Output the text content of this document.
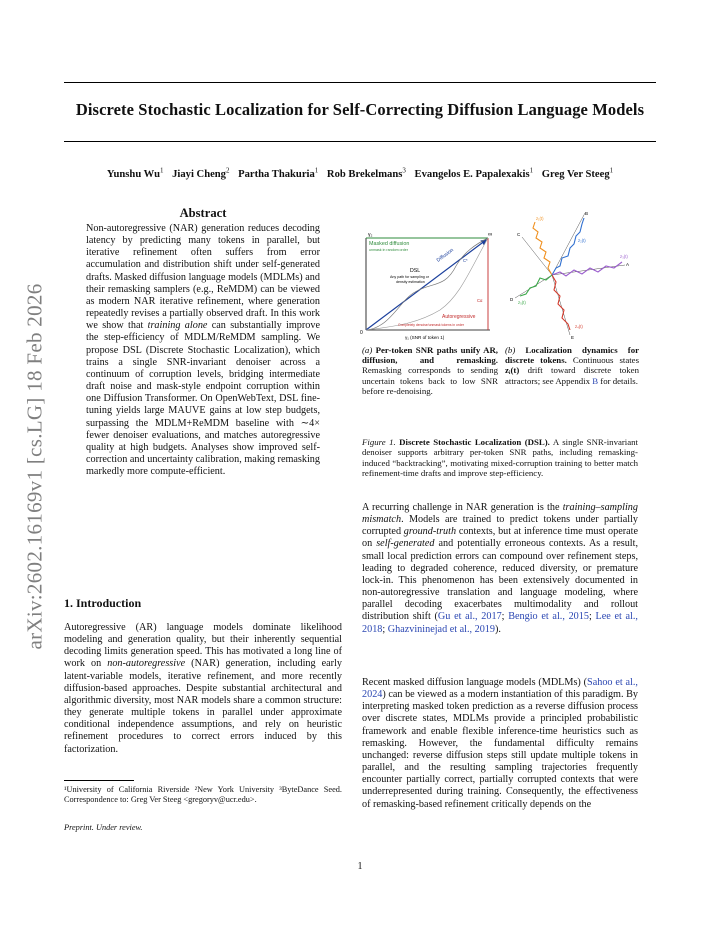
Discrete Stochastic Localization for Self-Correcting Diffusion Language Models
Yunshu Wu$^1$ Jiayi Cheng$^2$ Partha Thakuria$^1$ Rob Brekelmans$^3$ Evangelos E. Papalexakis$^1$ Greg Ver Steeg$^1$
arXiv:2602.16169v1 [cs.LG] 18 Feb 2026
Abstract
Non-autoregressive (NAR) generation reduces decoding latency by predicting many tokens in parallel, but iterative refinement often suffers from error accumulation and distribution shift under self-generated drafts. Masked diffusion language models (MDLMs) and their remasking samplers (e.g., ReMDM) can be viewed as modern NAR iterative refinement, where generation repeatedly revises a partially observed draft. In this work we show that training alone can substantially improve the step-efficiency of MDLM/ReMDM sampling. We propose DSL (Discrete Stochastic Localization), which trains a single SNR-invariant denoiser across a continuum of corruption levels, bridging intermediate draft noise and mask-style endpoint corruption within one Diffusion Transformer. On OpenWebText, DSL fine-tuning yields large MAUVE gains at low step budgets, surpassing the MDLM+ReMDM baseline with ∼4× fewer denoiser evaluations, and matches autoregressive quality at high budgets. Analyses show improved self-correction and uncertainty calibration, making remasking markedly more compute-efficient.
1. Introduction
Autoregressive (AR) language models dominate likelihood modeling and generation quality, but their inherently sequential decoding limits generation speed. This has motivated a long line of work on non-autoregressive (NAR) generation, including early latent-variable models, iterative refinement, and more recently diffusion-based approaches. Despite substantial architectural and algorithmic diversity, most NAR models share a common structure: they generate multiple tokens in parallel under approximate conditional independence assumptions, and rely on heuristic refinement procedures to correct errors induced by this factorization.
¹University of California Riverside ²New York University ³ByteDance Seed. Correspondence to: Greg Ver Steeg <gregoryv@ucr.edu>.
Preprint. Under review.
A recurring challenge in NAR generation is the training–sampling mismatch. Models are trained to predict tokens under partially corrupted ground-truth contexts, but at inference time must operate on self-generated and potentially erroneous contexts. As a result, small local prediction errors can compound over refinement steps, leading to degraded coherence, reduced diversity, or premature lock-in. This phenomenon has been extensively documented in non-autoregressive translation and language modeling, where parallel decoding exacerbates multimodality and rollout distribution shift (Gu et al., 2017; Bengio et al., 2015; Lee et al., 2018; Ghazvininejad et al., 2019).
Recent masked diffusion language models (MDLMs) (Sahoo et al., 2024) can be viewed as a modern instantiation of this paradigm. By interpreting masked token prediction as a reverse diffusion process over discrete states, MDLMs provide a principled probabilistic framework and enable flexible inference-time heuristics such as remasking. However, the fundamental difficulty remains unchanged: reverse diffusion steps still update multiple tokens in parallel, and the resulting sampling trajectories frequently encounter partially correct, partially corrupted contexts that were underrepresented during training. Consequently, the effectiveness of remasking-based refinement critically depends on the
γ₂	∞
0
γ₁ (SNR of token 1)
Masked diffusion
unmask in random order
DSL
Any path for sampling or
density estimation
Diffusion C*
Cα
Autoregressive
Completely denoise/unmask tokens in order
A
B
C
D
E
z₁(t)
z₂(t)
z₃(t)
z₄(t)
z₅(t)
(a) Per-token SNR paths unify AR, diffusion, and remasking. Remasking corresponds to sending uncertain tokens back to low SNR before re-denoising.
(b) Localization dynamics for discrete tokens. Continuous states zᵢ(t) drift toward discrete token attractors; see Appendix B for details.
Figure 1. Discrete Stochastic Localization (DSL). A single SNR-invariant denoiser supports arbitrary per-token SNR paths, including remasking-induced “backtracking”, motivating mixed-corruption training to better match refinement-time drafts and improve step-efficiency.
1
